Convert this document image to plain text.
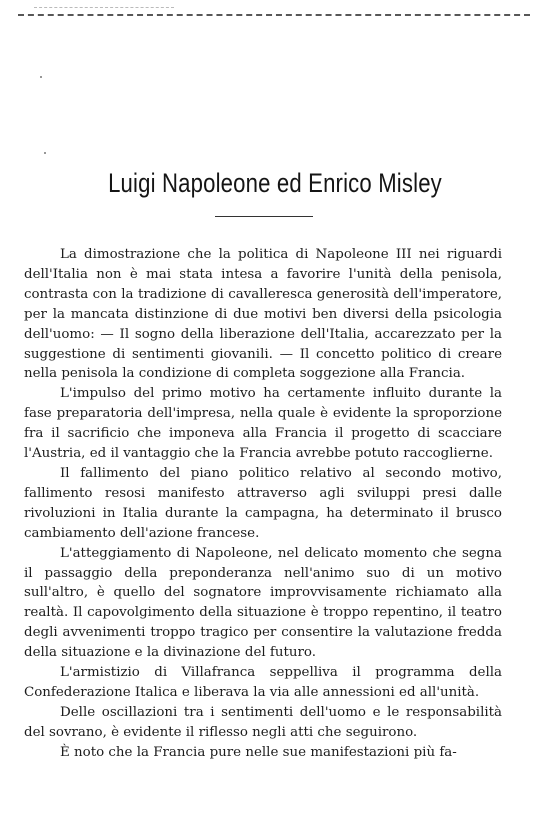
Luigi Napoleone ed Enrico Misley

La dimostrazione che la politica di Napoleone III nei riguardi dell'Italia non è mai stata intesa a favorire l'unità della penisola, contrasta con la tradizione di cavalleresca generosità dell'imperatore, per la mancata distinzione di due motivi ben diversi della psicologia dell'uomo: — Il sogno della liberazione dell'Italia, accarezzato per la suggestione di sentimenti giovanili. — Il concetto politico di creare nella penisola la condizione di completa soggezione alla Francia.

L'impulso del primo motivo ha certamente influito durante la fase preparatoria dell'impresa, nella quale è evidente la sproporzione fra il sacrificio che imponeva alla Francia il progetto di scacciare l'Austria, ed il vantaggio che la Francia avrebbe potuto raccoglierne.

Il fallimento del piano politico relativo al secondo motivo, fallimento resosi manifesto attraverso agli sviluppi presi dalle rivoluzioni in Italia durante la campagna, ha determinato il brusco cambiamento dell'azione francese.

L'atteggiamento di Napoleone, nel delicato momento che segna il passaggio della preponderanza nell'animo suo di un motivo sull'altro, è quello del sognatore improvvisamente richiamato alla realtà. Il capovolgimento della situazione è troppo repentino, il teatro degli avvenimenti troppo tragico per consentire la valutazione fredda della situazione e la divinazione del futuro.

L'armistizio di Villafranca seppelliva il programma della Confederazione Italica e liberava la via alle annessioni ed all'unità.

Delle oscillazioni tra i sentimenti dell'uomo e le responsabilità del sovrano, è evidente il riflesso negli atti che seguirono.

È noto che la Francia pure nelle sue manifestazioni più fa-
